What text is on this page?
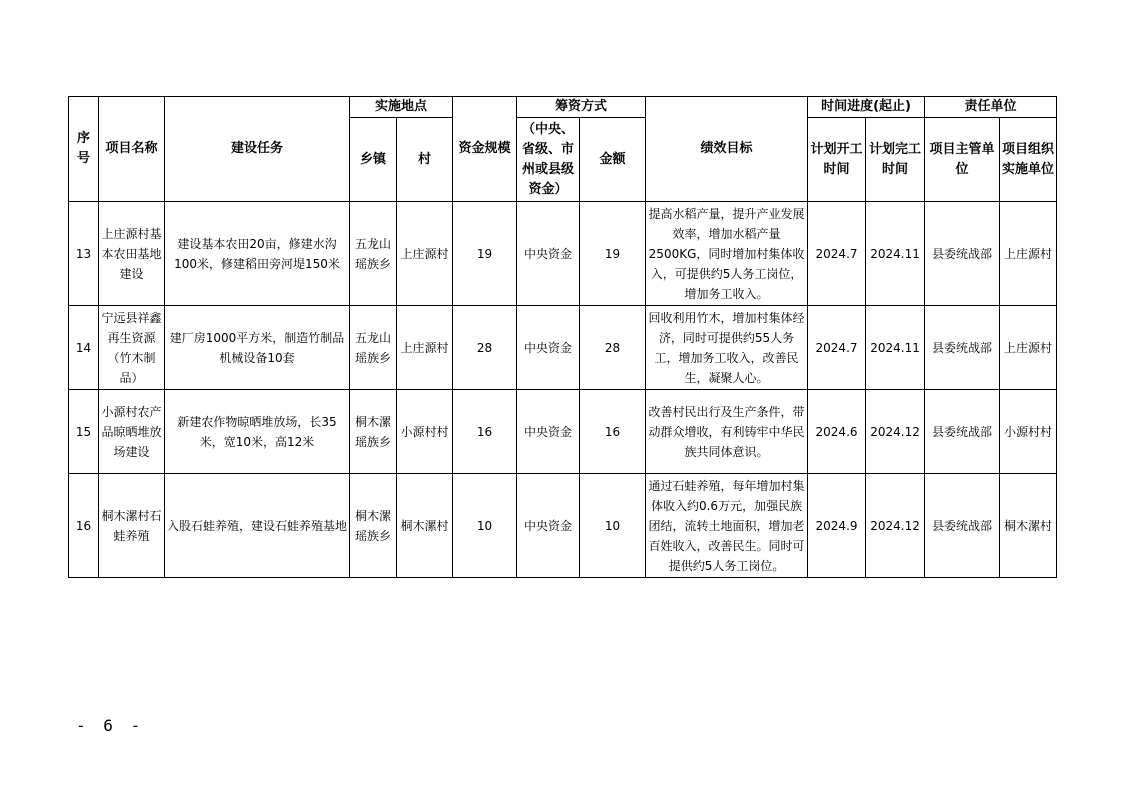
序号	项目名称	建设任务	实施地点		资金规模	筹资方式		绩效目标	时间进度(起止)		责任单位	
			乡镇	村		（中央、省级、市州或县级资金）	金额		计划开工时间	计划完工时间	项目主管单位	项目组织实施单位
13	上庄源村基本农田基地建设	建设基本农田20亩，修建水沟100米，修建稻田旁河堤150米	五龙山瑶族乡	上庄源村	19	中央资金	19	提高水稻产量，提升产业发展效率，增加水稻产量2500KG，同时增加村集体收入，可提供约5人务工岗位，增加务工收入。	2024.7	2024.11	县委统战部	上庄源村
14	宁远县祥鑫再生资源（竹木制品）	建厂房1000平方米，制造竹制品机械设备10套	五龙山瑶族乡	上庄源村	28	中央资金	28	回收利用竹木，增加村集体经济，同时可提供约55人务工，增加务工收入，改善民生，凝聚人心。	2024.7	2024.11	县委统战部	上庄源村
15	小源村农产品晾晒堆放场建设	新建农作物晾晒堆放场，长35米，宽10米，高12米	桐木漯瑶族乡	小源村村	16	中央资金	16	改善村民出行及生产条件，带动群众增收，有利铸牢中华民族共同体意识。	2024.6	2024.12	县委统战部	小源村村
16	桐木漯村石蛙养殖	入股石蛙养殖，建设石蛙养殖基地	桐木漯瑶族乡	桐木漯村	10	中央资金	10	通过石蛙养殖，每年增加村集体收入约0.6万元，加强民族团结，流转土地面积，增加老百姓收入，改善民生。同时可提供约5人务工岗位。	2024.9	2024.12	县委统战部	桐木漯村
- 6 -
